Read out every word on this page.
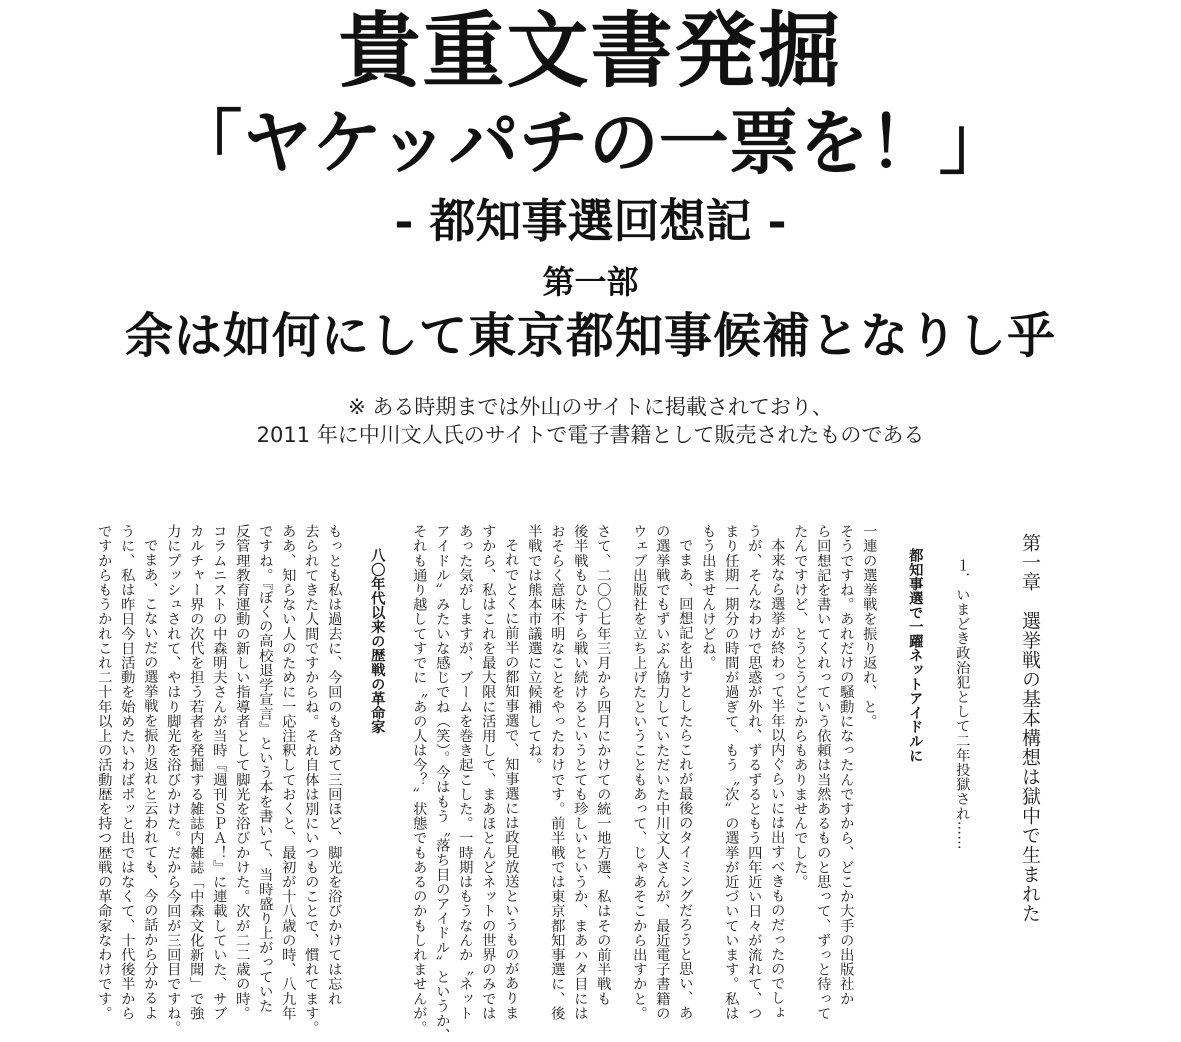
貴重文書発掘
「ヤケッパチの一票を！」
- 都知事選回想記 -
第一部
余は如何にして東京都知事候補となりし乎
※ ある時期までは外山のサイトに掲載されており、
2011 年に中川文人氏のサイトで電子書籍として販売されたものである
第一章　選挙戦の基本構想は獄中で生まれた
１．いまどき政治犯として二年投獄され……
都知事選で一躍ネットアイドルに
一連の選挙戦を振り返れ、と。
そうですね。あれだけの騒動になったんですから、どこか大手の出版社か
ら回想記を書いてくれっていう依頼は当然あるものと思って、ずっと待って
たんですけど、とうとうどこからもありませんでした。
本来なら選挙が終わって半年以内ぐらいには出すべきものだったのでしょ
うが、そんなわけで思惑が外れ、ずるずるともう四年近い日々が流れて、つ
まり任期一期分の時間が過ぎて、もう〝次〟の選挙が近づいています。私は
もう出ませんけどね。
でまあ、回想記を出すとしたらこれが最後のタイミングだろうと思い、あ
の選挙戦でもずいぶん協力していただいた中川文人さんが、最近電子書籍の
ウェブ出版社を立ち上げたということもあって、じゃあそこから出すかと。
さて、二〇〇七年三月から四月にかけての統一地方選、私はその前半戦も
後半戦もひたすら戦い続けるというとても珍しいというか、まあハタ目には
おそらく意味不明なことをやったわけです。前半戦では東京都知事選に、後
半戦では熊本市議選に立候補してね。
それでとくに前半の都知事選で、知事選には政見放送というものがありま
すから、私はこれを最大限に活用して、まあほとんどネットの世界のみでは
あった気がしますが、ブームを巻き起こした。一時期はもうなんか〝ネット
アイドル〟みたいな感じでね（笑）。今はもう〝落ち目のアイドル〟というか、
それも通り越してすでに〝あの人は今？〟状態でもあるのかもしれませんが。
八〇年代以来の歴戦の革命家
もっとも私は過去に、今回のも含めて三回ほど、脚光を浴びかけては忘れ
去られてきた人間ですからね。それ自体は別にいつものことで、慣れてます。
ああ、知らない人のために一応注釈しておくと、最初が十八歳の時、八九年
ですね。『ぼくの高校退学宣言』という本を書いて、当時盛り上がっていた
反管理教育運動の新しい指導者として脚光を浴びかけた。次が二二歳の時。
コラムニストの中森明夫さんが当時『週刊ＳＰＡ！』に連載していた、サブ
カルチャー界の次代を担う若者を発掘する雑誌内雑誌「中森文化新聞」で強
力にプッシュされて、やはり脚光を浴びかけた。だから今回が三回目ですね。
でまあ、こないだの選挙戦を振り返れと云われても、今の話から分かるよ
うに、私は昨日今日活動を始めたいわばポッと出ではなくて、十代後半から
ですからもうかれこれ二十年以上の活動歴を持つ歴戦の革命家なわけです。
